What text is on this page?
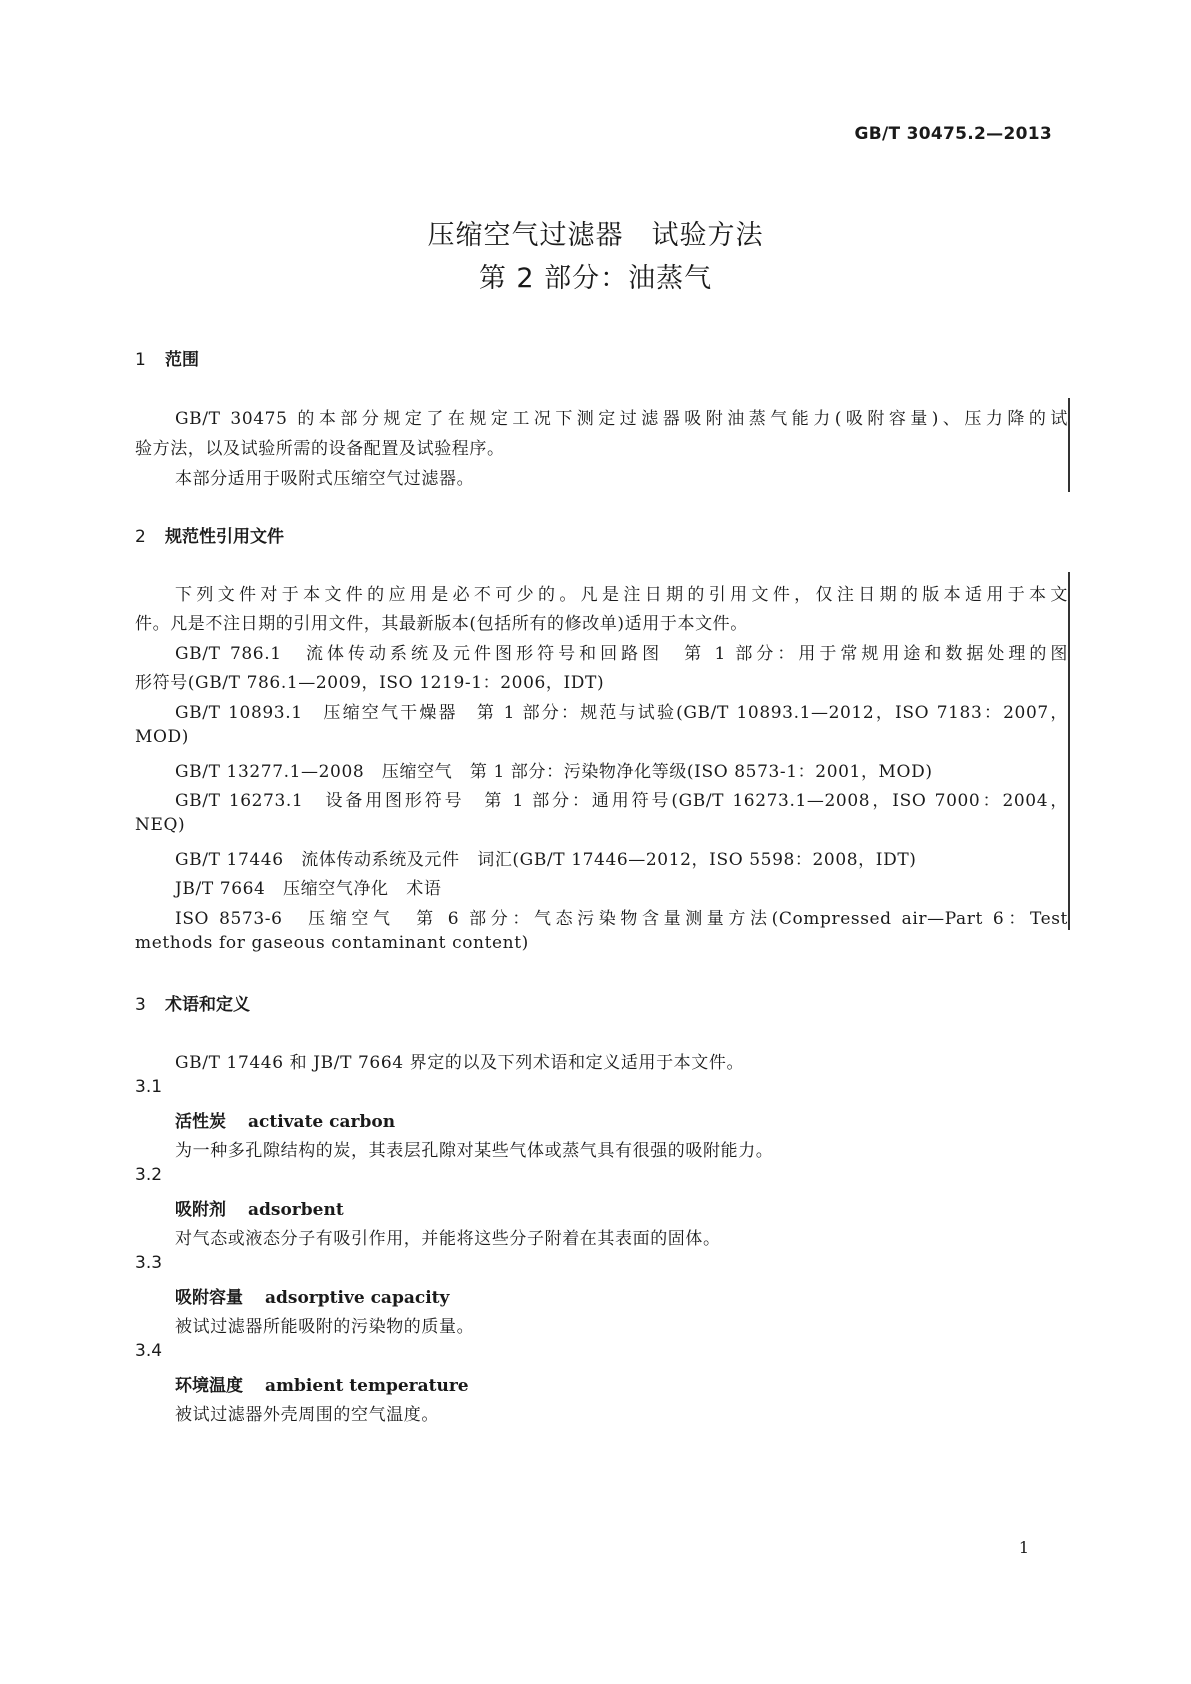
GB/T 30475.2—2013
压缩空气过滤器　试验方法
第 2 部分：油蒸气
1 范围
GB/T 30475 的本部分规定了在规定工况下测定过滤器吸附油蒸气能力(吸附容量)、压力降的试
验方法，以及试验所需的设备配置及试验程序。
本部分适用于吸附式压缩空气过滤器。
2 规范性引用文件
下列文件对于本文件的应用是必不可少的。凡是注日期的引用文件，仅注日期的版本适用于本文
件。凡是不注日期的引用文件，其最新版本(包括所有的修改单)适用于本文件。
GB/T 786.1　流体传动系统及元件图形符号和回路图　第 1 部分：用于常规用途和数据处理的图
形符号(GB/T 786.1—2009，ISO 1219-1：2006，IDT)
GB/T 10893.1　压缩空气干燥器　第 1 部分：规范与试验(GB/T 10893.1—2012，ISO 7183：2007，
MOD)
GB/T 13277.1—2008　压缩空气　第 1 部分：污染物净化等级(ISO 8573-1：2001，MOD)
GB/T 16273.1　设备用图形符号　第 1 部分：通用符号(GB/T 16273.1—2008，ISO 7000：2004，
NEQ)
GB/T 17446　流体传动系统及元件　词汇(GB/T 17446—2012，ISO 5598：2008，IDT)
JB/T 7664　压缩空气净化　术语
ISO 8573-6　压缩空气　第 6 部分：气态污染物含量测量方法(Compressed air—Part 6：Test
methods for gaseous contaminant content)
3 术语和定义
GB/T 17446 和 JB/T 7664 界定的以及下列术语和定义适用于本文件。
3.1
活性炭 activate carbon
为一种多孔隙结构的炭，其表层孔隙对某些气体或蒸气具有很强的吸附能力。
3.2
吸附剂 adsorbent
对气态或液态分子有吸引作用，并能将这些分子附着在其表面的固体。
3.3
吸附容量 adsorptive capacity
被试过滤器所能吸附的污染物的质量。
3.4
环境温度 ambient temperature
被试过滤器外壳周围的空气温度。
1
